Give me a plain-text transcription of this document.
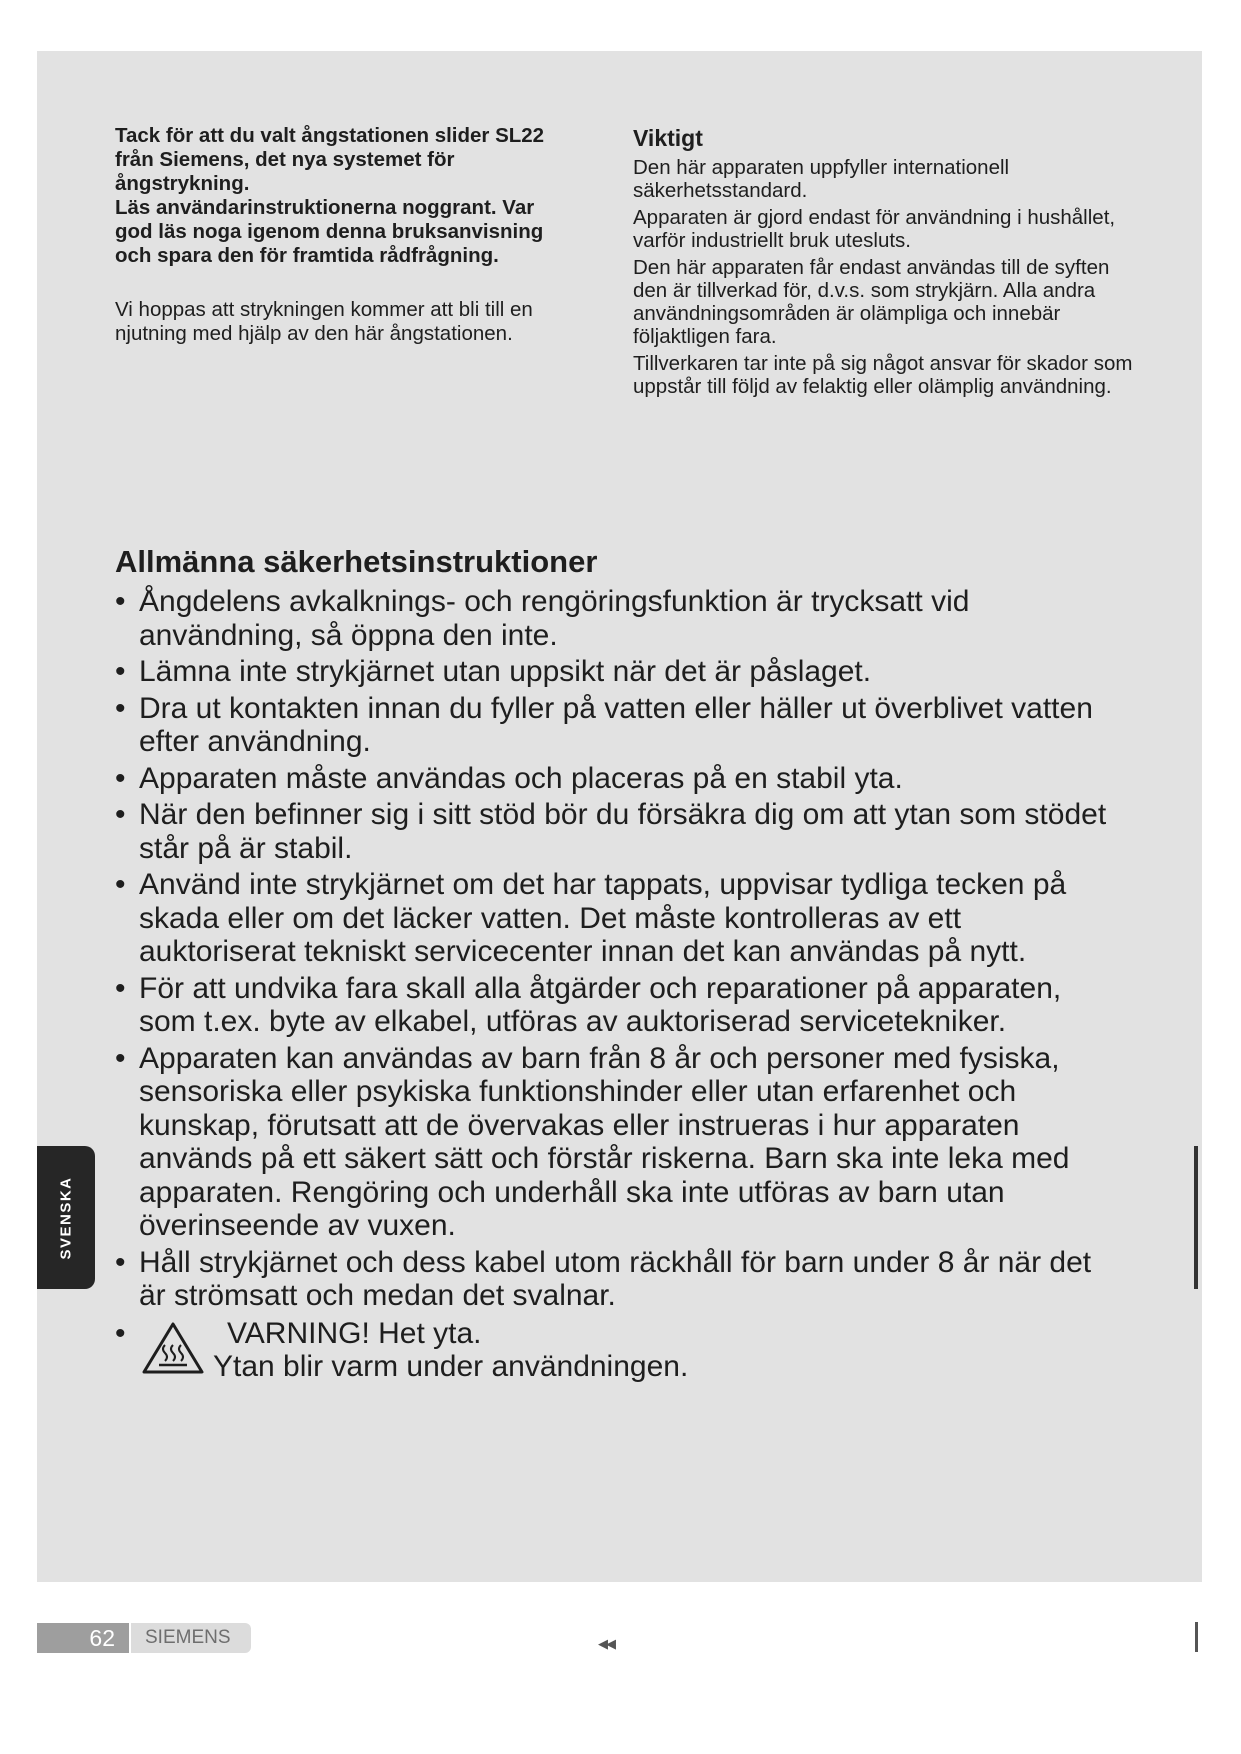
Tack för att du valt ångstationen slider SL22
från Siemens, det nya systemet för
ångstrykning.
Läs användarinstruktionerna noggrant. Var
god läs noga igenom denna bruksanvisning
och spara den för framtida rådfrågning.

Vi hoppas att strykningen kommer att bli till en njutning med hjälp av den här ångstationen.

Viktigt

Den här apparaten uppfyller internationell säkerhetsstandard.

Apparaten är gjord endast för användning i hushållet, varför industriellt bruk utesluts.

Den här apparaten får endast användas till de syften den är tillverkad för, d.v.s. som strykjärn. Alla andra användningsområden är olämpliga och innebär följaktligen fara.

Tillverkaren tar inte på sig något ansvar för skador som uppstår till följd av felaktig eller olämplig användning.

Allmänna säkerhetsinstruktioner
• Ångdelens avkalknings- och rengöringsfunktion är trycksatt vid användning, så öppna den inte.
• Lämna inte strykjärnet utan uppsikt när det är påslaget.
• Dra ut kontakten innan du fyller på vatten eller häller ut överblivet vatten efter användning.
• Apparaten måste användas och placeras på en stabil yta.
• När den befinner sig i sitt stöd bör du försäkra dig om att ytan som stödet står på är stabil.
• Använd inte strykjärnet om det har tappats, uppvisar tydliga tecken på skada eller om det läcker vatten. Det måste kontrolleras av ett auktoriserat tekniskt servicecenter innan det kan användas på nytt.
• För att undvika fara skall alla åtgärder och reparationer på apparaten, som t.ex. byte av elkabel, utföras av auktoriserad servicetekniker.
• Apparaten kan användas av barn från 8 år och personer med fysiska, sensoriska eller psykiska funktionshinder eller utan erfarenhet och kunskap, förutsatt att de övervakas eller instrueras i hur apparaten används på ett säkert sätt och förstår riskerna. Barn ska inte leka med apparaten. Rengöring och underhåll ska inte utföras av barn utan överinseende av vuxen.
• Håll strykjärnet och dess kabel utom räckhåll för barn under 8 år när det är strömsatt och medan det svalnar.
•	VARNING! Het yta.
Ytan blir varm under användningen.
SVENSKA
62	SIEMENS	◀◀
